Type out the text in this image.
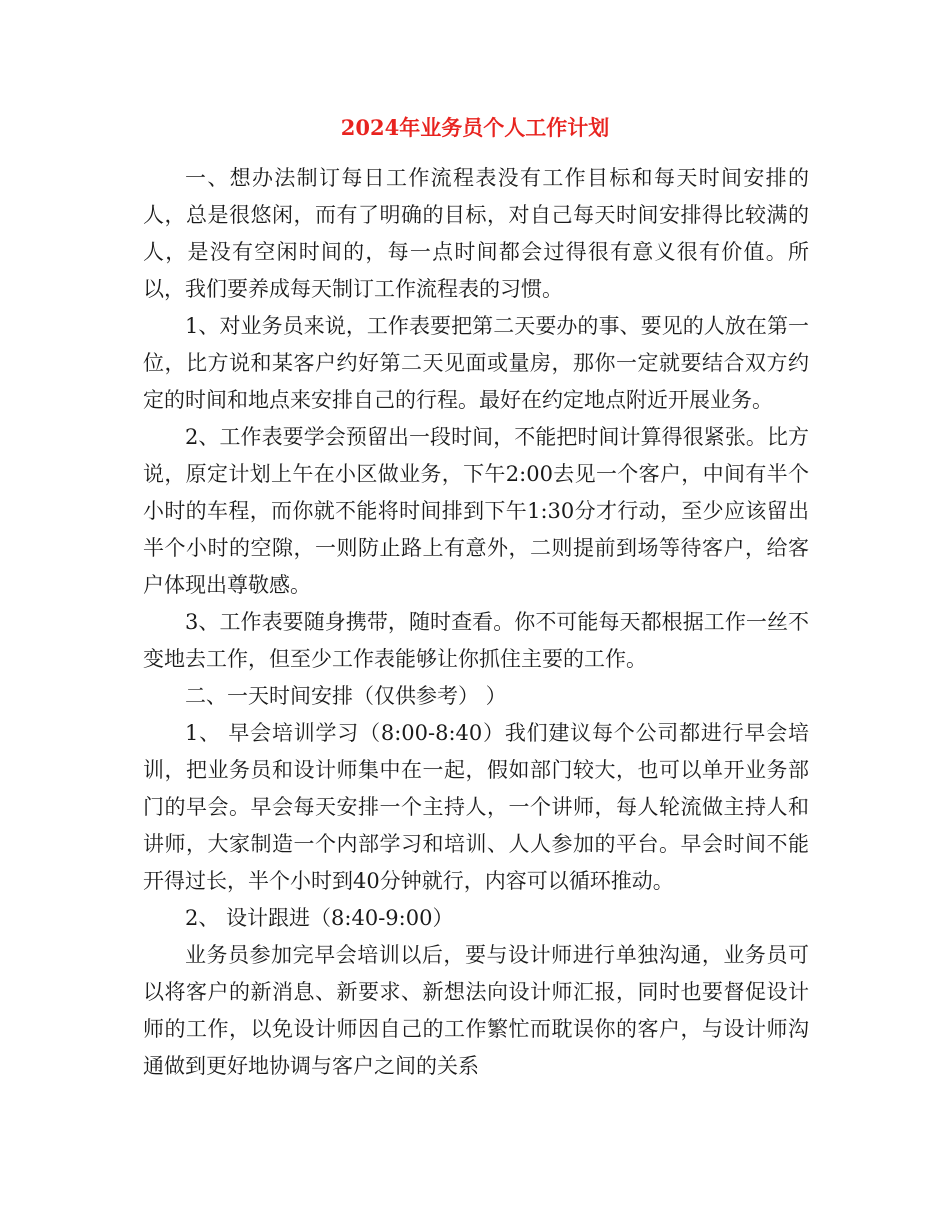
2024年业务员个人工作计划

一、想办法制订每日工作流程表没有工作目标和每天时间安排的人，总是很悠闲，而有了明确的目标，对自己每天时间安排得比较满的人，是没有空闲时间的，每一点时间都会过得很有意义很有价值。所以，我们要养成每天制订工作流程表的习惯。

1、对业务员来说，工作表要把第二天要办的事、要见的人放在第一位，比方说和某客户约好第二天见面或量房，那你一定就要结合双方约定的时间和地点来安排自己的行程。最好在约定地点附近开展业务。

2、工作表要学会预留出一段时间，不能把时间计算得很紧张。比方说，原定计划上午在小区做业务，下午2:00去见一个客户，中间有半个小时的车程，而你就不能将时间排到下午1:30分才行动，至少应该留出半个小时的空隙，一则防止路上有意外，二则提前到场等待客户，给客户体现出尊敬感。

3、工作表要随身携带，随时查看。你不可能每天都根据工作一丝不变地去工作，但至少工作表能够让你抓住主要的工作。

二、一天时间安排（仅供参考） ）

1、 早会培训学习（8:00-8:40）我们建议每个公司都进行早会培训，把业务员和设计师集中在一起，假如部门较大，也可以单开业务部门的早会。早会每天安排一个主持人，一个讲师，每人轮流做主持人和讲师，大家制造一个内部学习和培训、人人参加的平台。早会时间不能开得过长，半个小时到40分钟就行，内容可以循环推动。

2、 设计跟进（8:40-9:00）

业务员参加完早会培训以后，要与设计师进行单独沟通，业务员可以将客户的新消息、新要求、新想法向设计师汇报，同时也要督促设计师的工作，以免设计师因自己的工作繁忙而耽误你的客户，与设计师沟通做到更好地协调与客户之间的关系
